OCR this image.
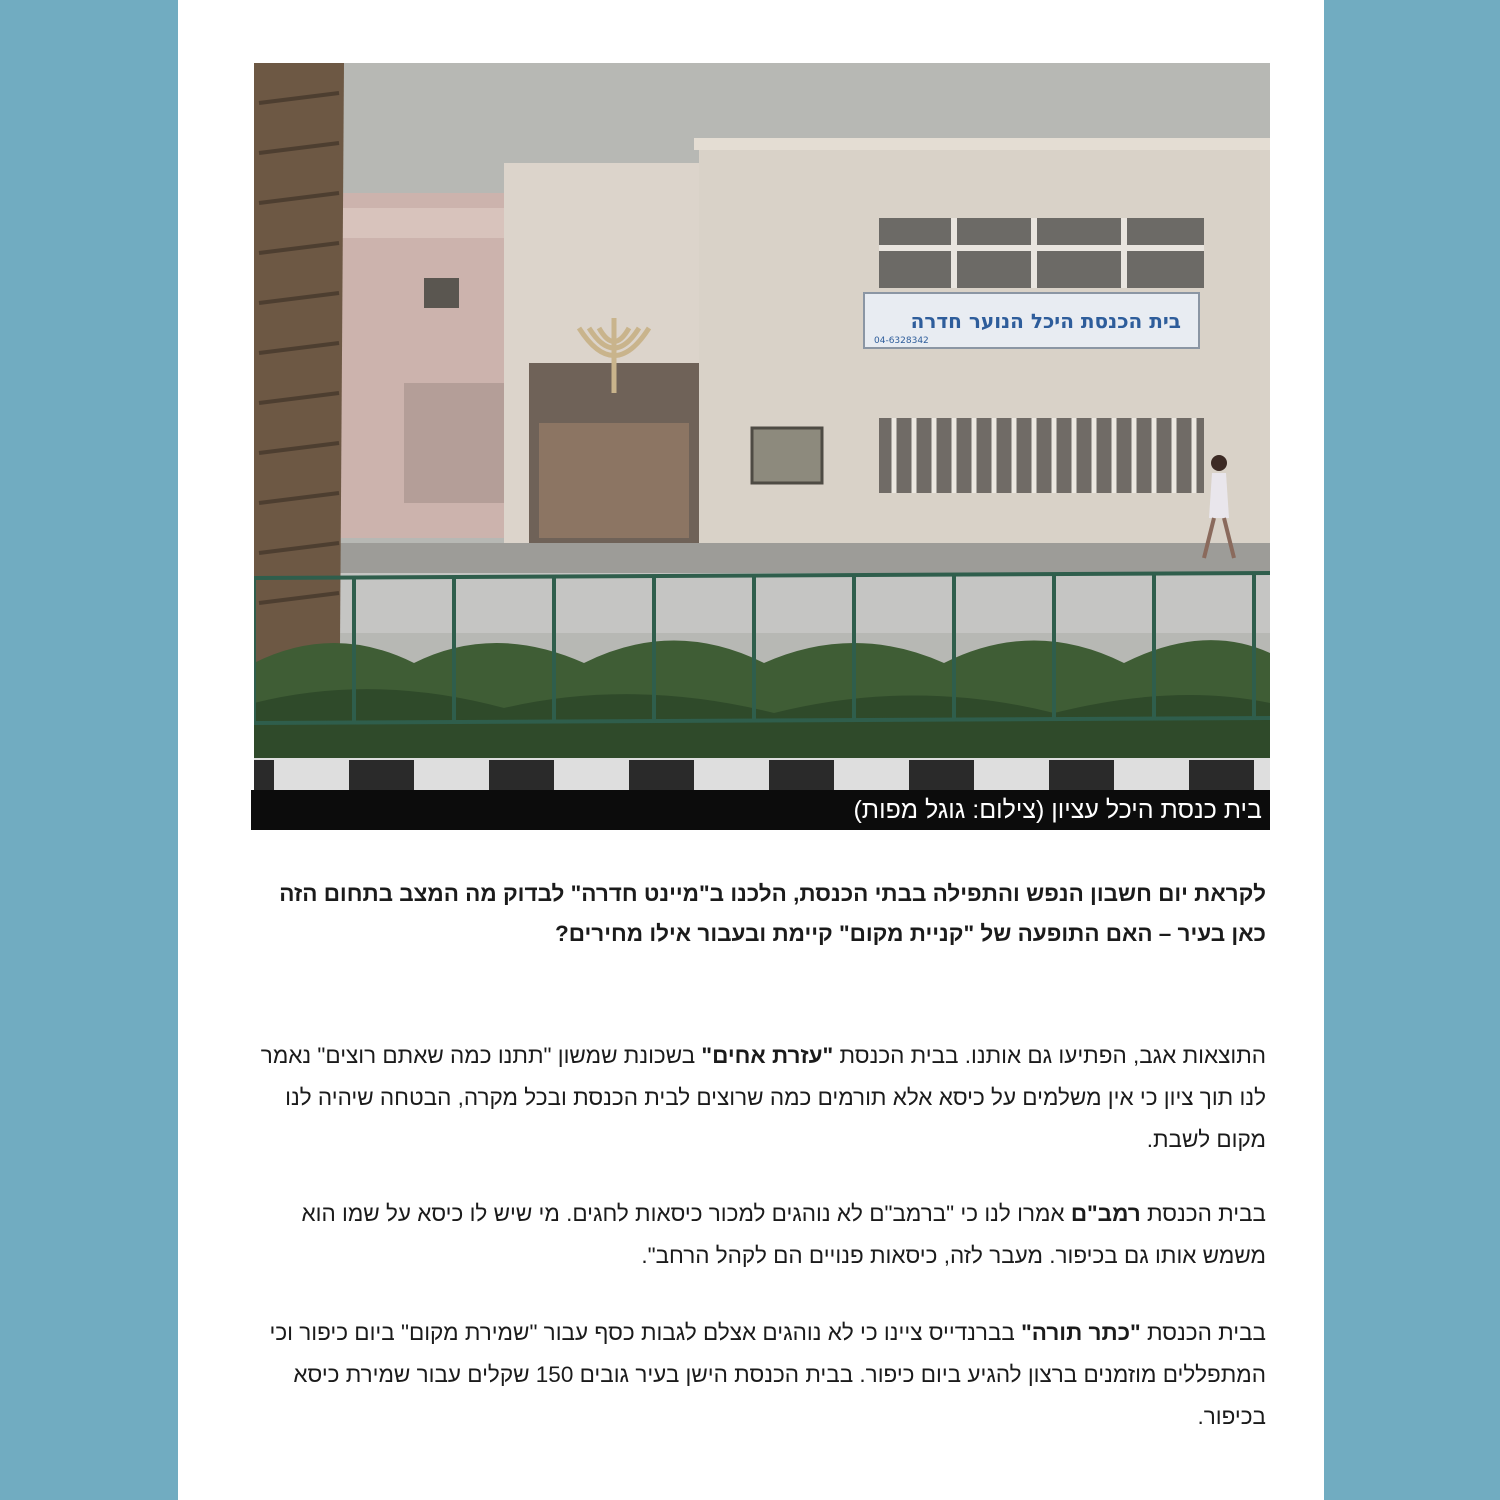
בית הכנסת היכל הנוער חדרה
04-6328342
בית כנסת היכל עציון (צילום: גוגל מפות)
לקראת יום חשבון הנפש והתפילה בבתי הכנסת, הלכנו ב"מיינט חדרה" לבדוק מה המצב בתחום הזה כאן בעיר – האם התופעה של "קניית מקום" קיימת ובעבור אילו מחירים?
התוצאות אגב, הפתיעו גם אותנו. בבית הכנסת "עזרת אחים" בשכונת שמשון "תתנו כמה שאתם רוצים" נאמר לנו תוך ציון כי אין משלמים על כיסא אלא תורמים כמה שרוצים לבית הכנסת ובכל מקרה, הבטחה שיהיה לנו מקום לשבת.
בבית הכנסת רמב"ם אמרו לנו כי "ברמב"ם לא נוהגים למכור כיסאות לחגים. מי שיש לו כיסא על שמו הוא משמש אותו גם בכיפור. מעבר לזה, כיסאות פנויים הם לקהל הרחב".
בבית הכנסת "כתר תורה" בברנדייס ציינו כי לא נוהגים אצלם לגבות כסף עבור "שמירת מקום" ביום כיפור וכי המתפללים מוזמנים ברצון להגיע ביום כיפור. בבית הכנסת הישן בעיר גובים 150 שקלים עבור שמירת כיסא בכיפור.
